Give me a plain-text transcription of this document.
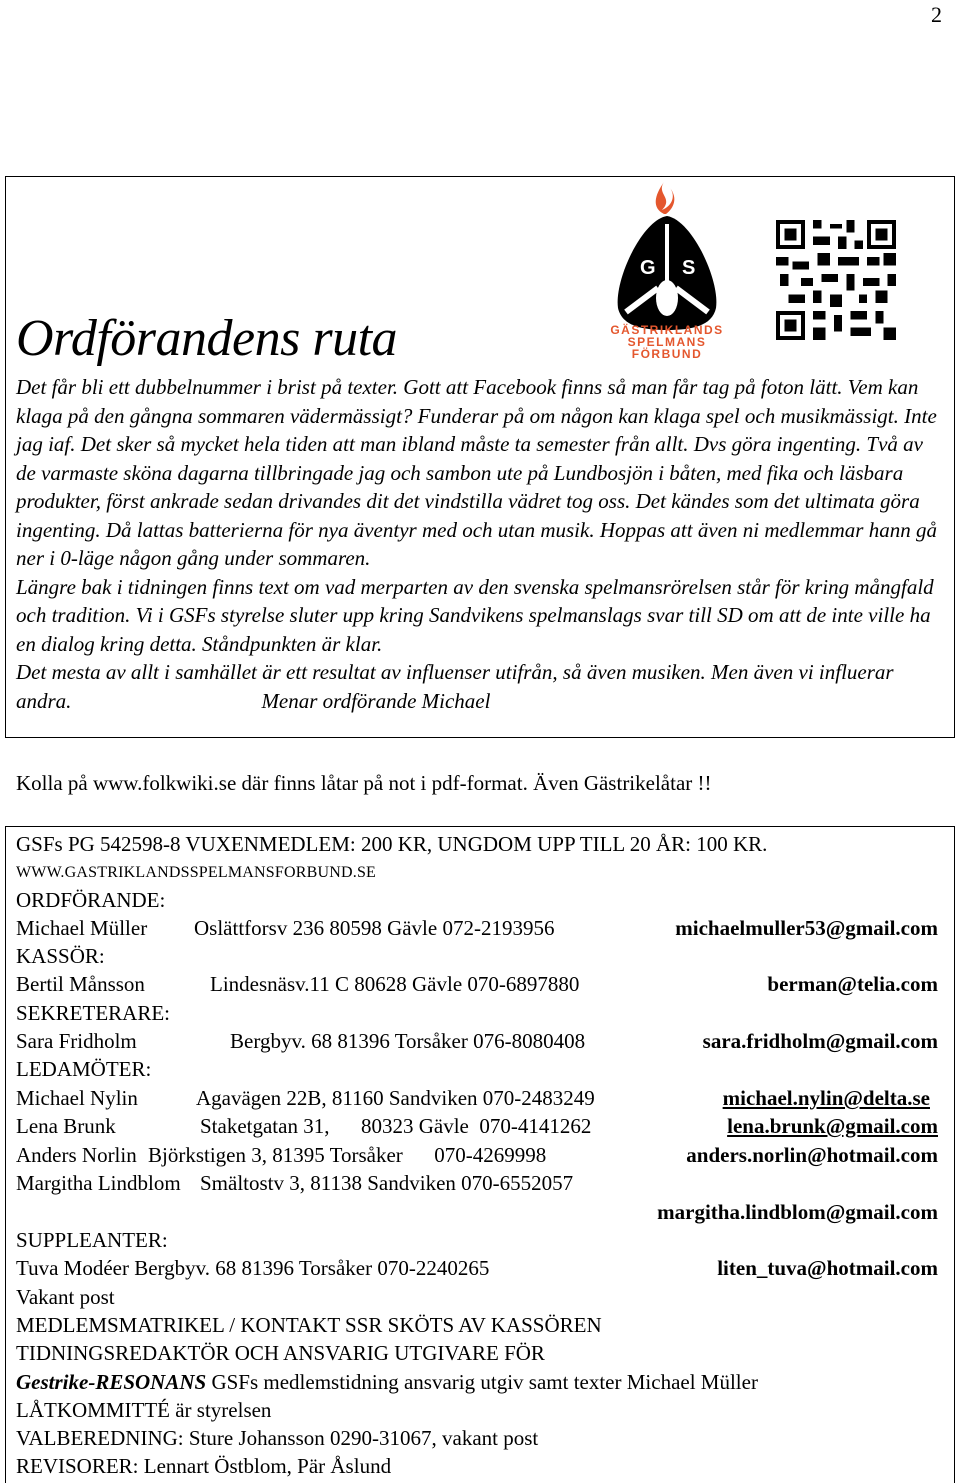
2
Ordförandens ruta
G S
GÄSTRIKLANDS
SPELMANS
FÖRBUND

Det får bli ett dubbelnummer i brist på texter. Gott att Facebook finns så man får tag på foton lätt. Vem kan klaga på den gångna sommaren vädermässigt? Funderar på om någon kan klaga spel och musikmässigt. Inte jag iaf. Det sker så mycket hela tiden att man ibland måste ta semester från allt. Dvs göra ingenting. Två av de varmaste sköna dagarna tillbringade jag och sambon ute på Lundbosjön i båten, med fika och läsbara produkter, först ankrade sedan drivandes dit det vindstilla vädret tog oss. Det kändes som det ultimata göra ingenting. Då lattas batterierna för nya äventyr med och utan musik. Hoppas att även ni medlemmar hann gå ner i 0-läge någon gång under sommaren.

Längre bak i tidningen finns text om vad merparten av den svenska spelmansrörelsen står för kring mångfald och tradition. Vi i GSFs styrelse sluter upp kring Sandvikens spelmanslags svar till SD om att de inte ville ha en dialog kring detta. Ståndpunkten är klar.

Det mesta av allt i samhället är ett resultat av influenser utifrån, så även musiken. Men även vi influerar andra.	Menar ordförande Michael

Kolla på www.folkwiki.se där finns låtar på not i pdf-format. Även Gästrikelåtar !!
GSFs PG 542598-8 VUXENMEDLEM: 200 KR, UNGDOM UPP TILL 20 ÅR: 100 KR.
WWW.GASTRIKLANDSSPELMANSFORBUND.SE
ORDFÖRANDE:
Michael Müller Oslättforsv 236 80598 Gävle 072-2193956	michaelmuller53@gmail.com
KASSÖR:
Bertil Månsson	Lindesnäsv.11 C 80628 Gävle 070-6897880	berman@telia.com
SEKRETERARE:
Sara Fridholm	Bergbyv. 68 81396 Torsåker 076-8080408	sara.fridholm@gmail.com
LEDAMÖTER:
Michael Nylin	Agavägen 22B, 81160 Sandviken 070-2483249	michael.nylin@delta.se
Lena Brunk	Staketgatan 31,      80323 Gävle  070-4141262	lena.brunk@gmail.com
Anders Norlin Björkstigen 3, 81395 Torsåker      070-4269998	anders.norlin@hotmail.com
Margitha Lindblom Smältostv 3, 81138 Sandviken 070-6552057
margitha.lindblom@gmail.com
SUPPLEANTER:
Tuva Modéer Bergbyv. 68 81396 Torsåker 070-2240265	liten_tuva@hotmail.com
Vakant post
MEDLEMSMATRIKEL / KONTAKT SSR SKÖTS AV KASSÖREN
TIDNINGSREDAKTÖR OCH ANSVARIG UTGIVARE FÖR
Gestrike-RESONANS GSFs medlemstidning ansvarig utgiv samt texter Michael Müller
LÅTKOMMITTÉ är styrelsen
VALBEREDNING: Sture Johansson 0290-31067, vakant post
REVISORER: Lennart Östblom, Pär Åslund
